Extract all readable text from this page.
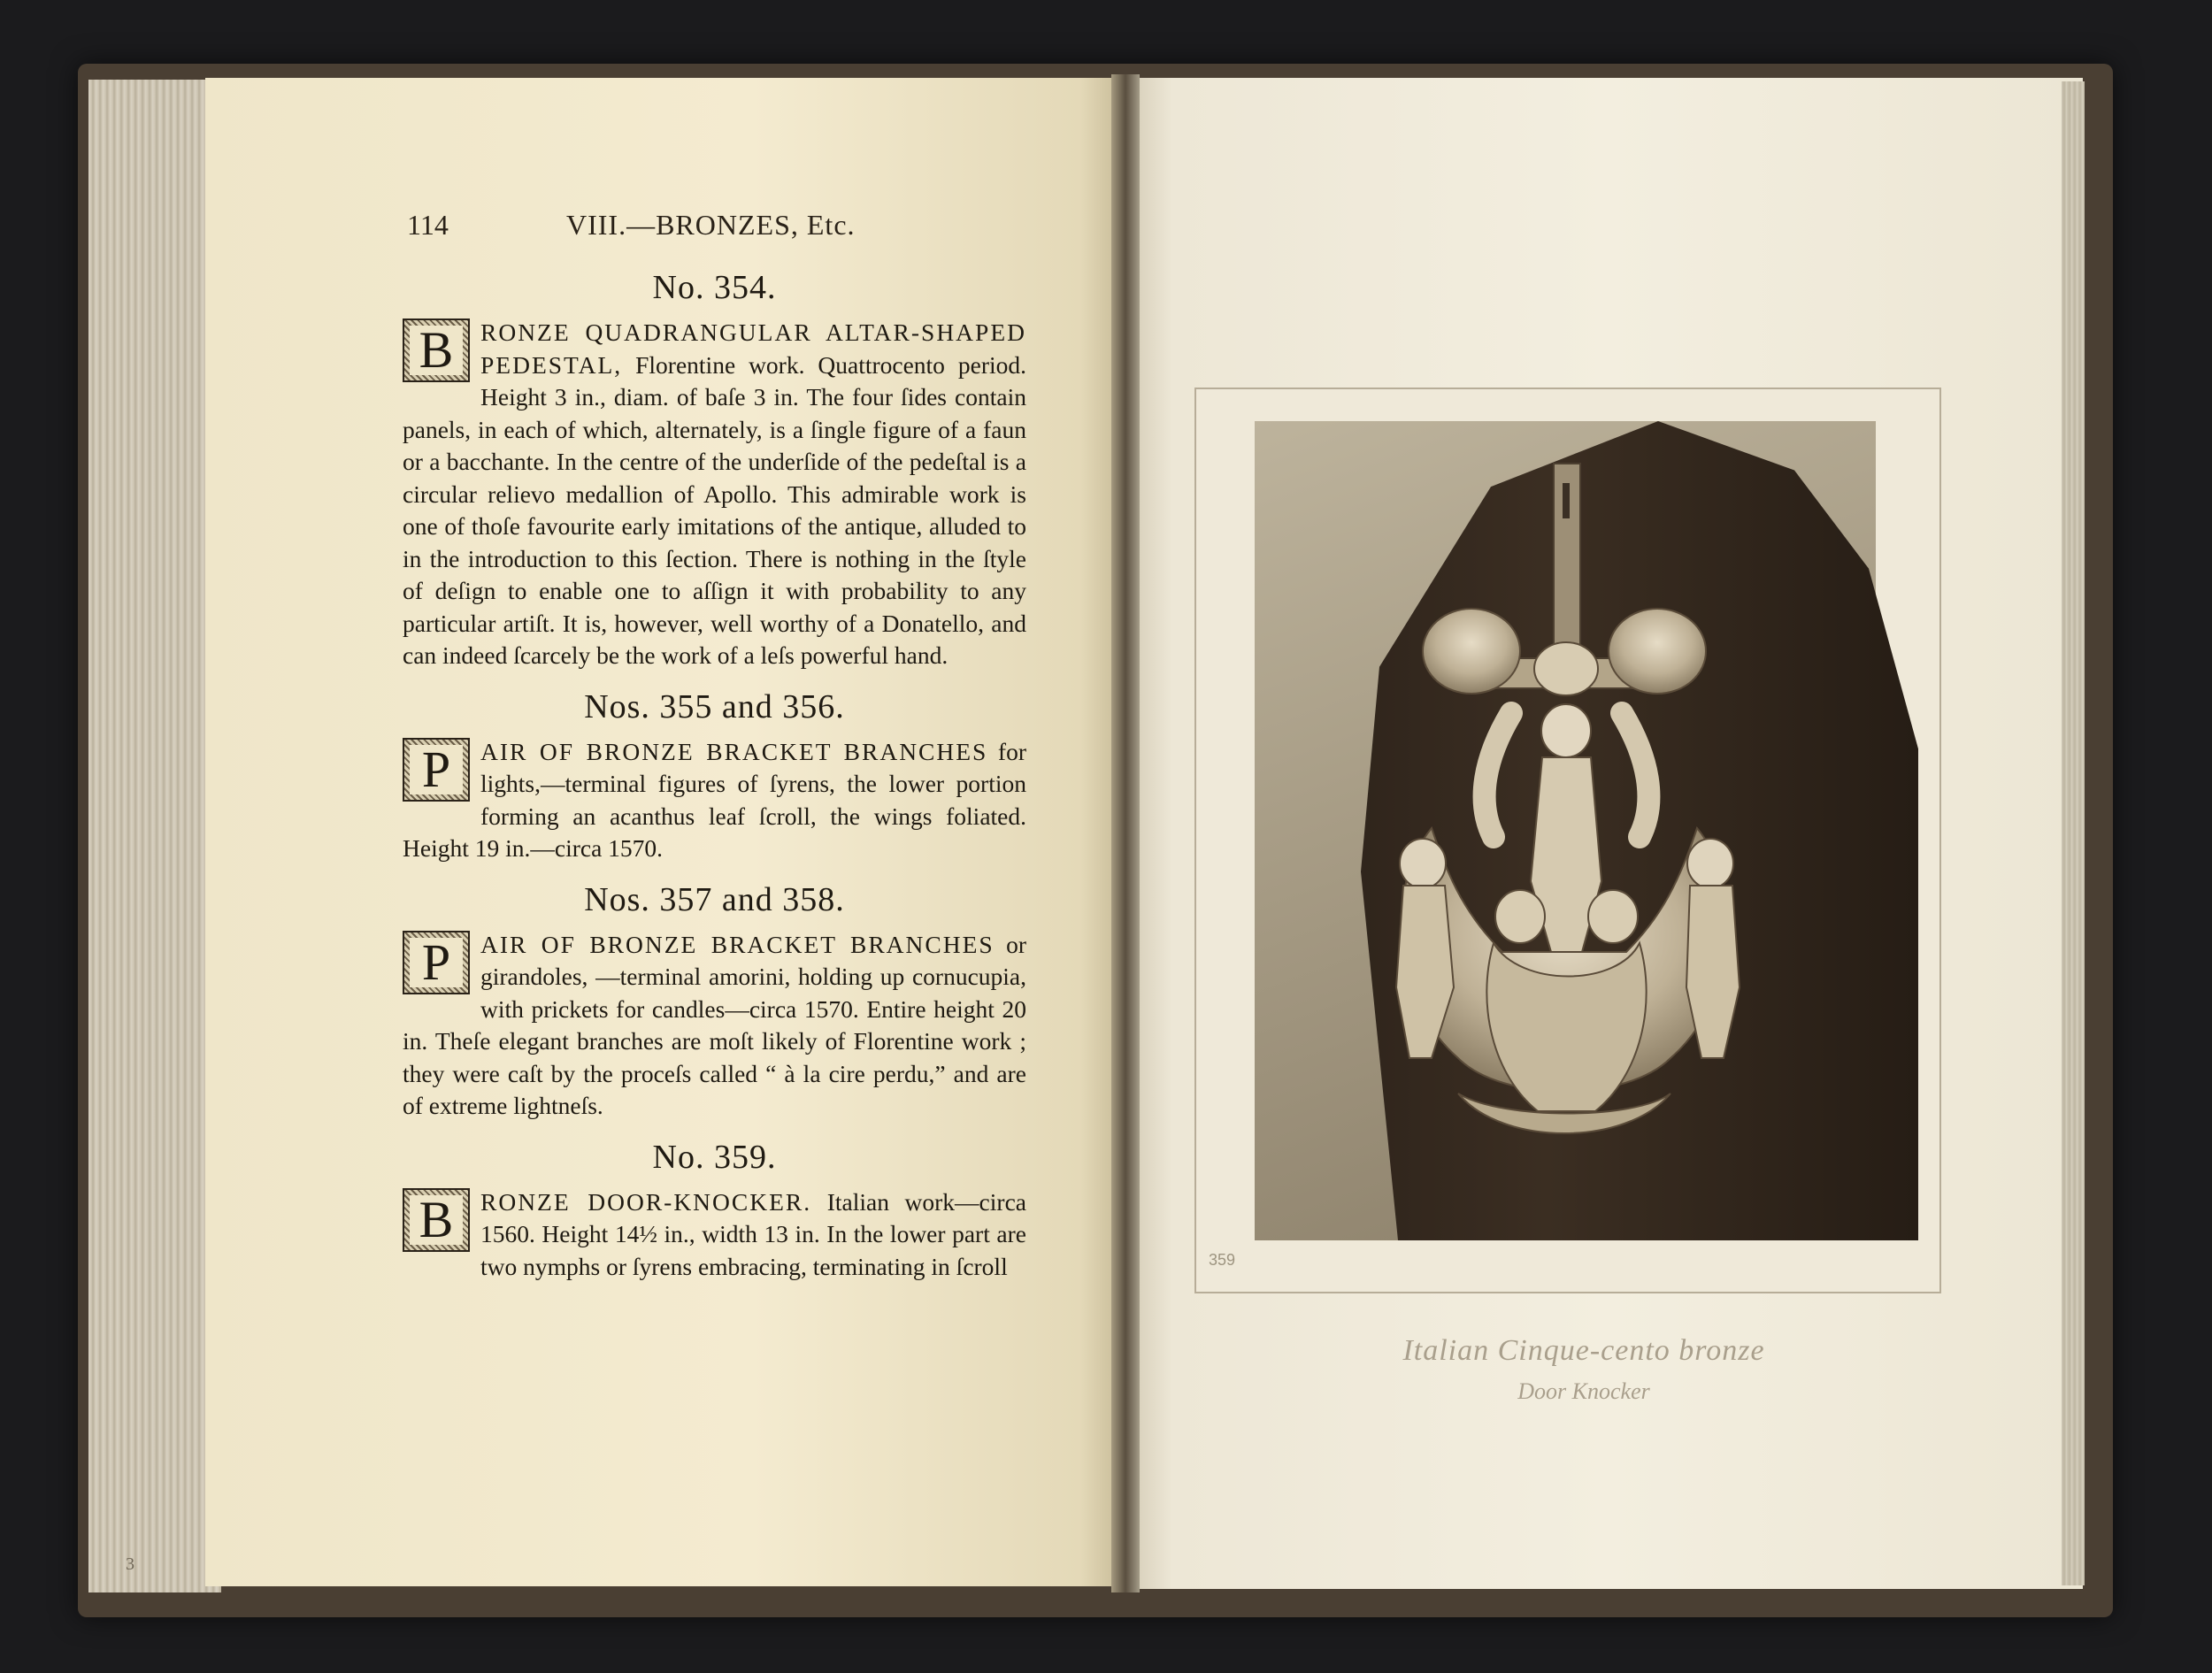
3
114	VIII.—BRONZES, Etc.
No. 354.

B	RONZE QUADRANGULAR ALTAR-SHAPED PEDESTAL, Florentine work. Quattrocento period. Height 3 in., diam. of baſe 3 in. The four ſides contain panels, in each of which, alternately, is a ſingle figure of a faun or a bacchante. In the centre of the underſide of the pedeſtal is a circular relievo medallion of Apollo. This admirable work is one of thoſe favourite early imitations of the antique, alluded to in the introduction to this ſection. There is nothing in the ſtyle of deſign to enable one to aſſign it with probability to any particular artiſt. It is, however, well worthy of a Donatello, and can indeed ſcarcely be the work of a leſs powerful hand.

Nos. 355 and 356.

P	AIR OF BRONZE BRACKET BRANCHES for lights,—terminal figures of ſyrens, the lower portion forming an acanthus leaf ſcroll, the wings foliated. Height 19 in.—circa 1570.

Nos. 357 and 358.

P	AIR OF BRONZE BRACKET BRANCHES or girandoles, —terminal amorini, holding up cornucupia, with prickets for candles—circa 1570. Entire height 20 in. Theſe elegant branches are moſt likely of Florentine work ; they were caſt by the proceſs called “ à la cire perdu,” and are of extreme lightneſs.

No. 359.

B	RONZE DOOR-KNOCKER. Italian work—circa 1560. Height 14½ in., width 13 in. In the lower part are two nymphs or ſyrens embracing, terminating in ſcroll	359
Italian Cinque-cento bronze
Door Knocker
